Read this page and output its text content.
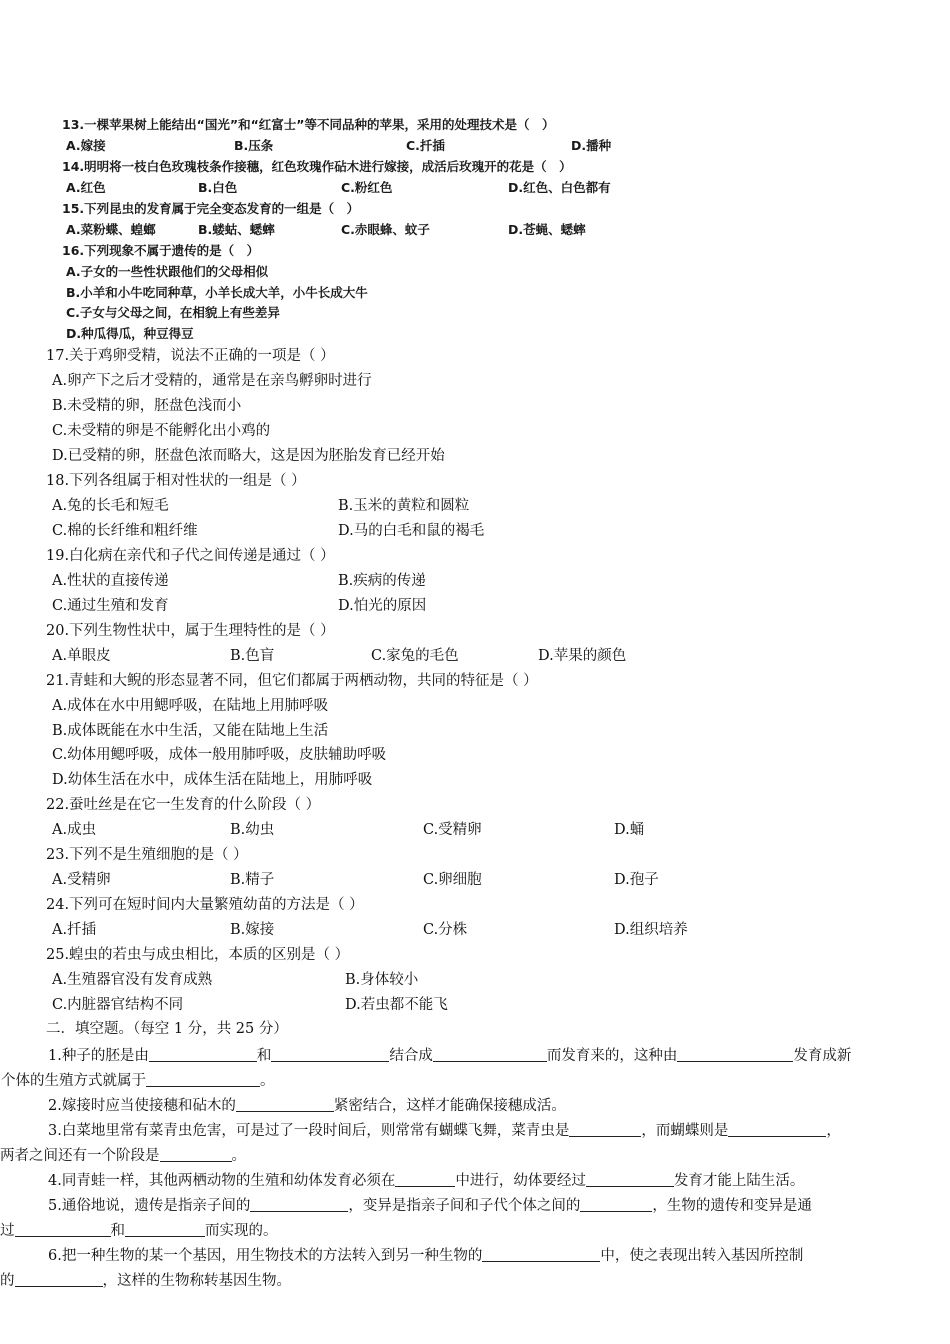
13.一棵苹果树上能结出“国光”和“红富士”等不同品种的苹果，采用的处理技术是（　）
A.嫁接	B.压条	C.扦插	D.播种
14.明明将一枝白色玫瑰枝条作接穗，红色玫瑰作砧木进行嫁接，成活后玫瑰开的花是（　）
A.红色	B.白色	C.粉红色	D.红色、白色都有
15.下列昆虫的发育属于完全变态发育的一组是（　）
A.菜粉蝶、蝗螂	B.蝼蛄、蟋蟀	C.赤眼蜂、蚊子	D.苍蝇、蟋蟀
16.下列现象不属于遗传的是（　）
A.子女的一些性状跟他们的父母相似
B.小羊和小牛吃同种草，小羊长成大羊，小牛长成大牛
C.子女与父母之间，在相貌上有些差异
D.种瓜得瓜，种豆得豆
17.关于鸡卵受精，说法不正确的一项是（ ）
A.卵产下之后才受精的，通常是在亲鸟孵卵时进行
B.未受精的卵，胚盘色浅而小
C.未受精的卵是不能孵化出小鸡的
D.已受精的卵，胚盘色浓而略大，这是因为胚胎发育已经开始
18.下列各组属于相对性状的一组是（ ）
A.兔的长毛和短毛	B.玉米的黄粒和圆粒
C.棉的长纤维和粗纤维	D.马的白毛和鼠的褐毛
19.白化病在亲代和子代之间传递是通过（ ）
A.性状的直接传递	B.疾病的传递
C.通过生殖和发育	D.怕光的原因
20.下列生物性状中，属于生理特性的是（ ）
A.单眼皮	B.色盲	C.家兔的毛色	D.苹果的颜色
21.青蛙和大鲵的形态显著不同，但它们都属于两栖动物，共同的特征是（ ）
A.成体在水中用鳃呼吸，在陆地上用肺呼吸
B.成体既能在水中生活，又能在陆地上生活
C.幼体用鳃呼吸，成体一般用肺呼吸，皮肤辅助呼吸
D.幼体生活在水中，成体生活在陆地上，用肺呼吸
22.蚕吐丝是在它一生发育的什么阶段（ ）
A.成虫	B.幼虫	C.受精卵	D.蛹
23.下列不是生殖细胞的是（ ）
A.受精卵	B.精子	C.卵细胞	D.孢子
24.下列可在短时间内大量繁殖幼苗的方法是（ ）
A.扦插	B.嫁接	C.分株	D.组织培养
25.蝗虫的若虫与成虫相比，本质的区别是（ ）
A.生殖器官没有发育成熟	B.身体较小
C.内脏器官结构不同	D.若虫都不能飞
二．填空题。（每空 1 分，共 25 分）
1.种子的胚是由	和	结合成	而发育来的，这种由	发育成新
个体的生殖方式就属于	。
2.嫁接时应当使接穗和砧木的	紧密结合，这样才能确保接穗成活。
3.白菜地里常有菜青虫危害，可是过了一段时间后，则常常有蝴蝶飞舞，菜青虫是	，而蝴蝶则是	，
两者之间还有一个阶段是	。
4.同青蛙一样，其他两栖动物的生殖和幼体发育必须在	中进行，幼体要经过	发育才能上陆生活。
5.通俗地说，遗传是指亲子间的	，变异是指亲子间和子代个体之间的	，生物的遗传和变异是通
过	和	而实现的。
6.把一种生物的某一个基因，用生物技术的方法转入到另一种生物的	中，使之表现出转入基因所控制
的	，这样的生物称转基因生物。
